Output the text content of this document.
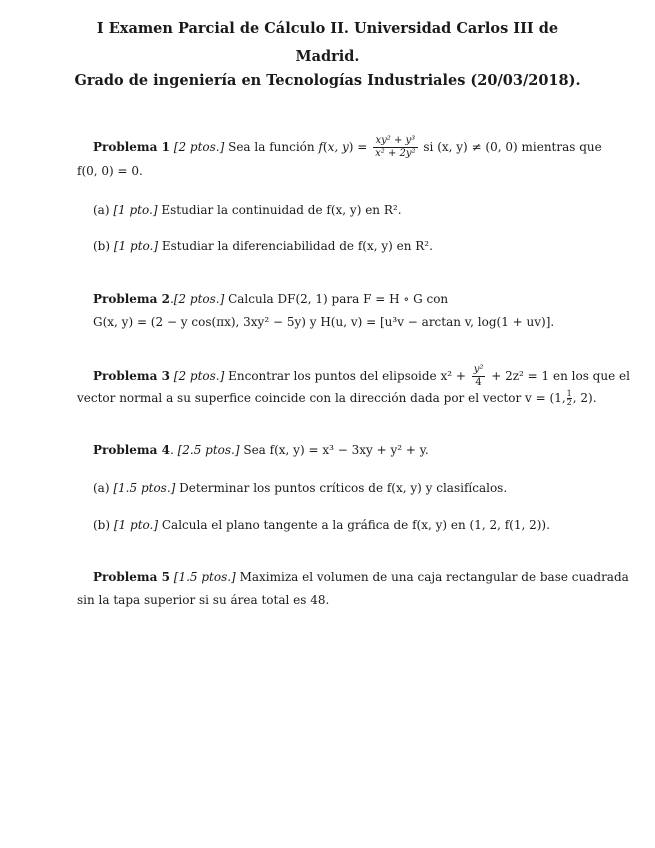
I Examen Parcial de Cálculo II. Universidad Carlos III de
Madrid.
Grado de ingeniería en Tecnologías Industriales (20/03/2018).
Problema 1 [2 ptos.] Sea la función f(x, $y) = \frac{\text{xy² + y³}}{\text{x² + 2y²}}$ si (x, y) ≠ (0, 0) mientras que
f(0, 0) = 0.
(a) [1 pto.] Estudiar la continuidad de f(x, y) en R².
(b) [1 pto.] Estudiar la diferenciabilidad de f(x, y) en R².
Problema 2.[2 ptos.] Calcula DF(2, 1) para F = H ∘ G con
G(x, y) = (2 − y cos(πx), 3xy² − 5y) y H(u, v) = [u³v − arctan v, log(1 + uv)].
Problema 3 [2 ptos.] Encontrar los puntos del elipsoide $x^2 + \frac{\text{y²}}{4} + 2z^2 = 1$ en los que el
vector normal a su superfice coincide con la dirección dada por el vector v = (1, $\frac{1}{2}$ , 2).
Problema 4. [2.5 ptos.] Sea f(x, y) = x³ − 3xy + y² + y.
(a) [1.5 ptos.] Determinar los puntos críticos de f(x, y) y clasifícalos.
(b) [1 pto.] Calcula el plano tangente a la gráfica de f(x, y) en (1, 2, f(1, 2)).
Problema 5 [1.5 ptos.] Maximiza el volumen de una caja rectangular de base cuadrada
sin la tapa superior si su área total es 48.
